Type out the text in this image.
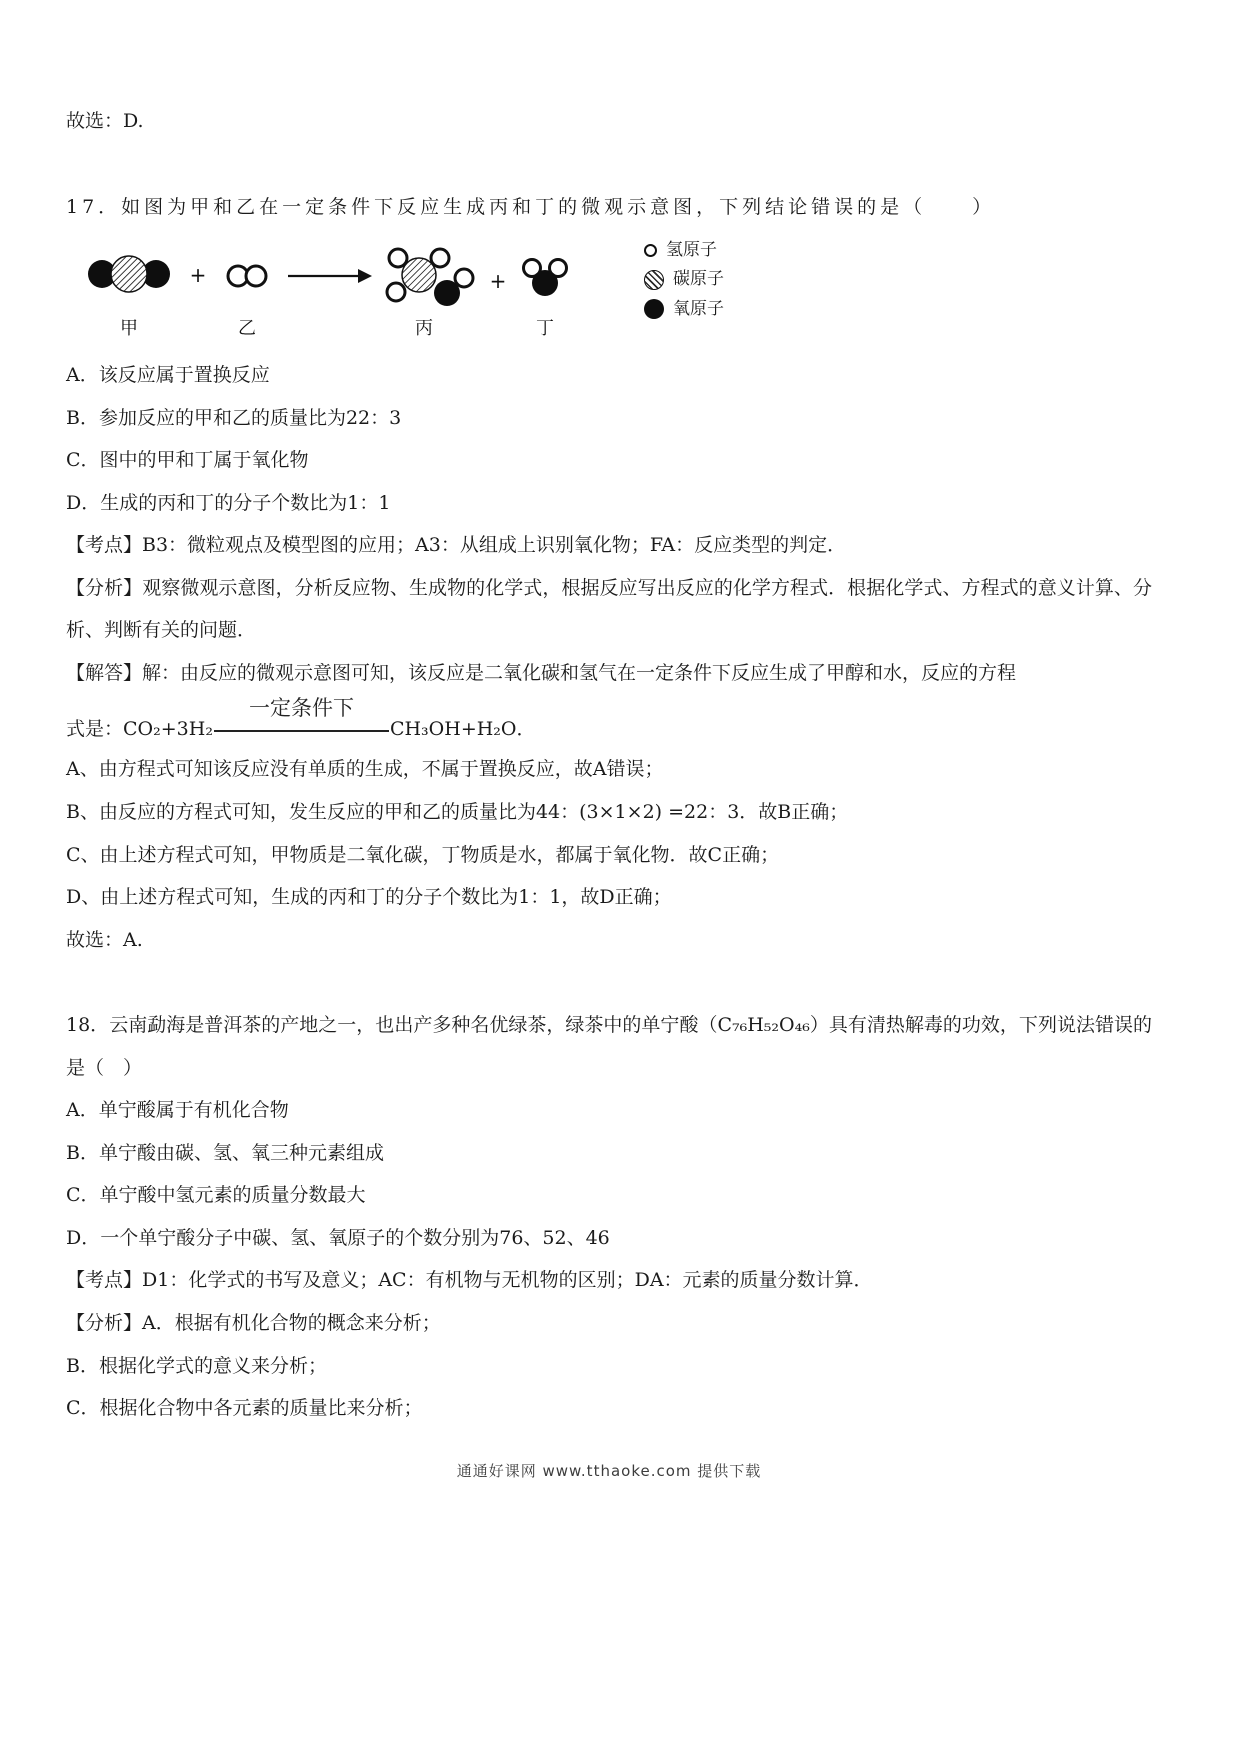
故选：D.

17．如图为甲和乙在一定条件下反应生成丙和丁的微观示意图，下列结论错误的是（　　）

甲
+
乙	丙
+
丁
氢原子
碳原子
氧原子

A．该反应属于置换反应

B．参加反应的甲和乙的质量比为22：3

C．图中的甲和丁属于氧化物

D．生成的丙和丁的分子个数比为1：1

【考点】B3：微粒观点及模型图的应用；A3：从组成上识别氧化物；FA：反应类型的判定．

【分析】观察微观示意图，分析反应物、生成物的化学式，根据反应写出反应的化学方程式．根据化学式、方程式的意义计算、分析、判断有关的问题．

【解答】解：由反应的微观示意图可知，该反应是二氧化碳和氢气在一定条件下反应生成了甲醇和水，反应的方程

式是：CO₂+3H₂
一定条件下
CH₃OH+H₂O．

A、由方程式可知该反应没有单质的生成，不属于置换反应，故A错误；

B、由反应的方程式可知，发生反应的甲和乙的质量比为44：(3×1×2) =22：3．故B正确；

C、由上述方程式可知，甲物质是二氧化碳，丁物质是水，都属于氧化物．故C正确；

D、由上述方程式可知，生成的丙和丁的分子个数比为1：1，故D正确；

故选：A.

18．云南勐海是普洱茶的产地之一，也出产多种名优绿茶，绿茶中的单宁酸（C₇₆H₅₂O₄₆）具有清热解毒的功效，下列说法错误的是（　）

A．单宁酸属于有机化合物

B．单宁酸由碳、氢、氧三种元素组成

C．单宁酸中氢元素的质量分数最大

D．一个单宁酸分子中碳、氢、氧原子的个数分别为76、52、46

【考点】D1：化学式的书写及意义；AC：有机物与无机物的区别；DA：元素的质量分数计算．

【分析】A．根据有机化合物的概念来分析；

B．根据化学式的意义来分析；

C．根据化合物中各元素的质量比来分析；

通通好课网 www.tthaoke.com 提供下载
